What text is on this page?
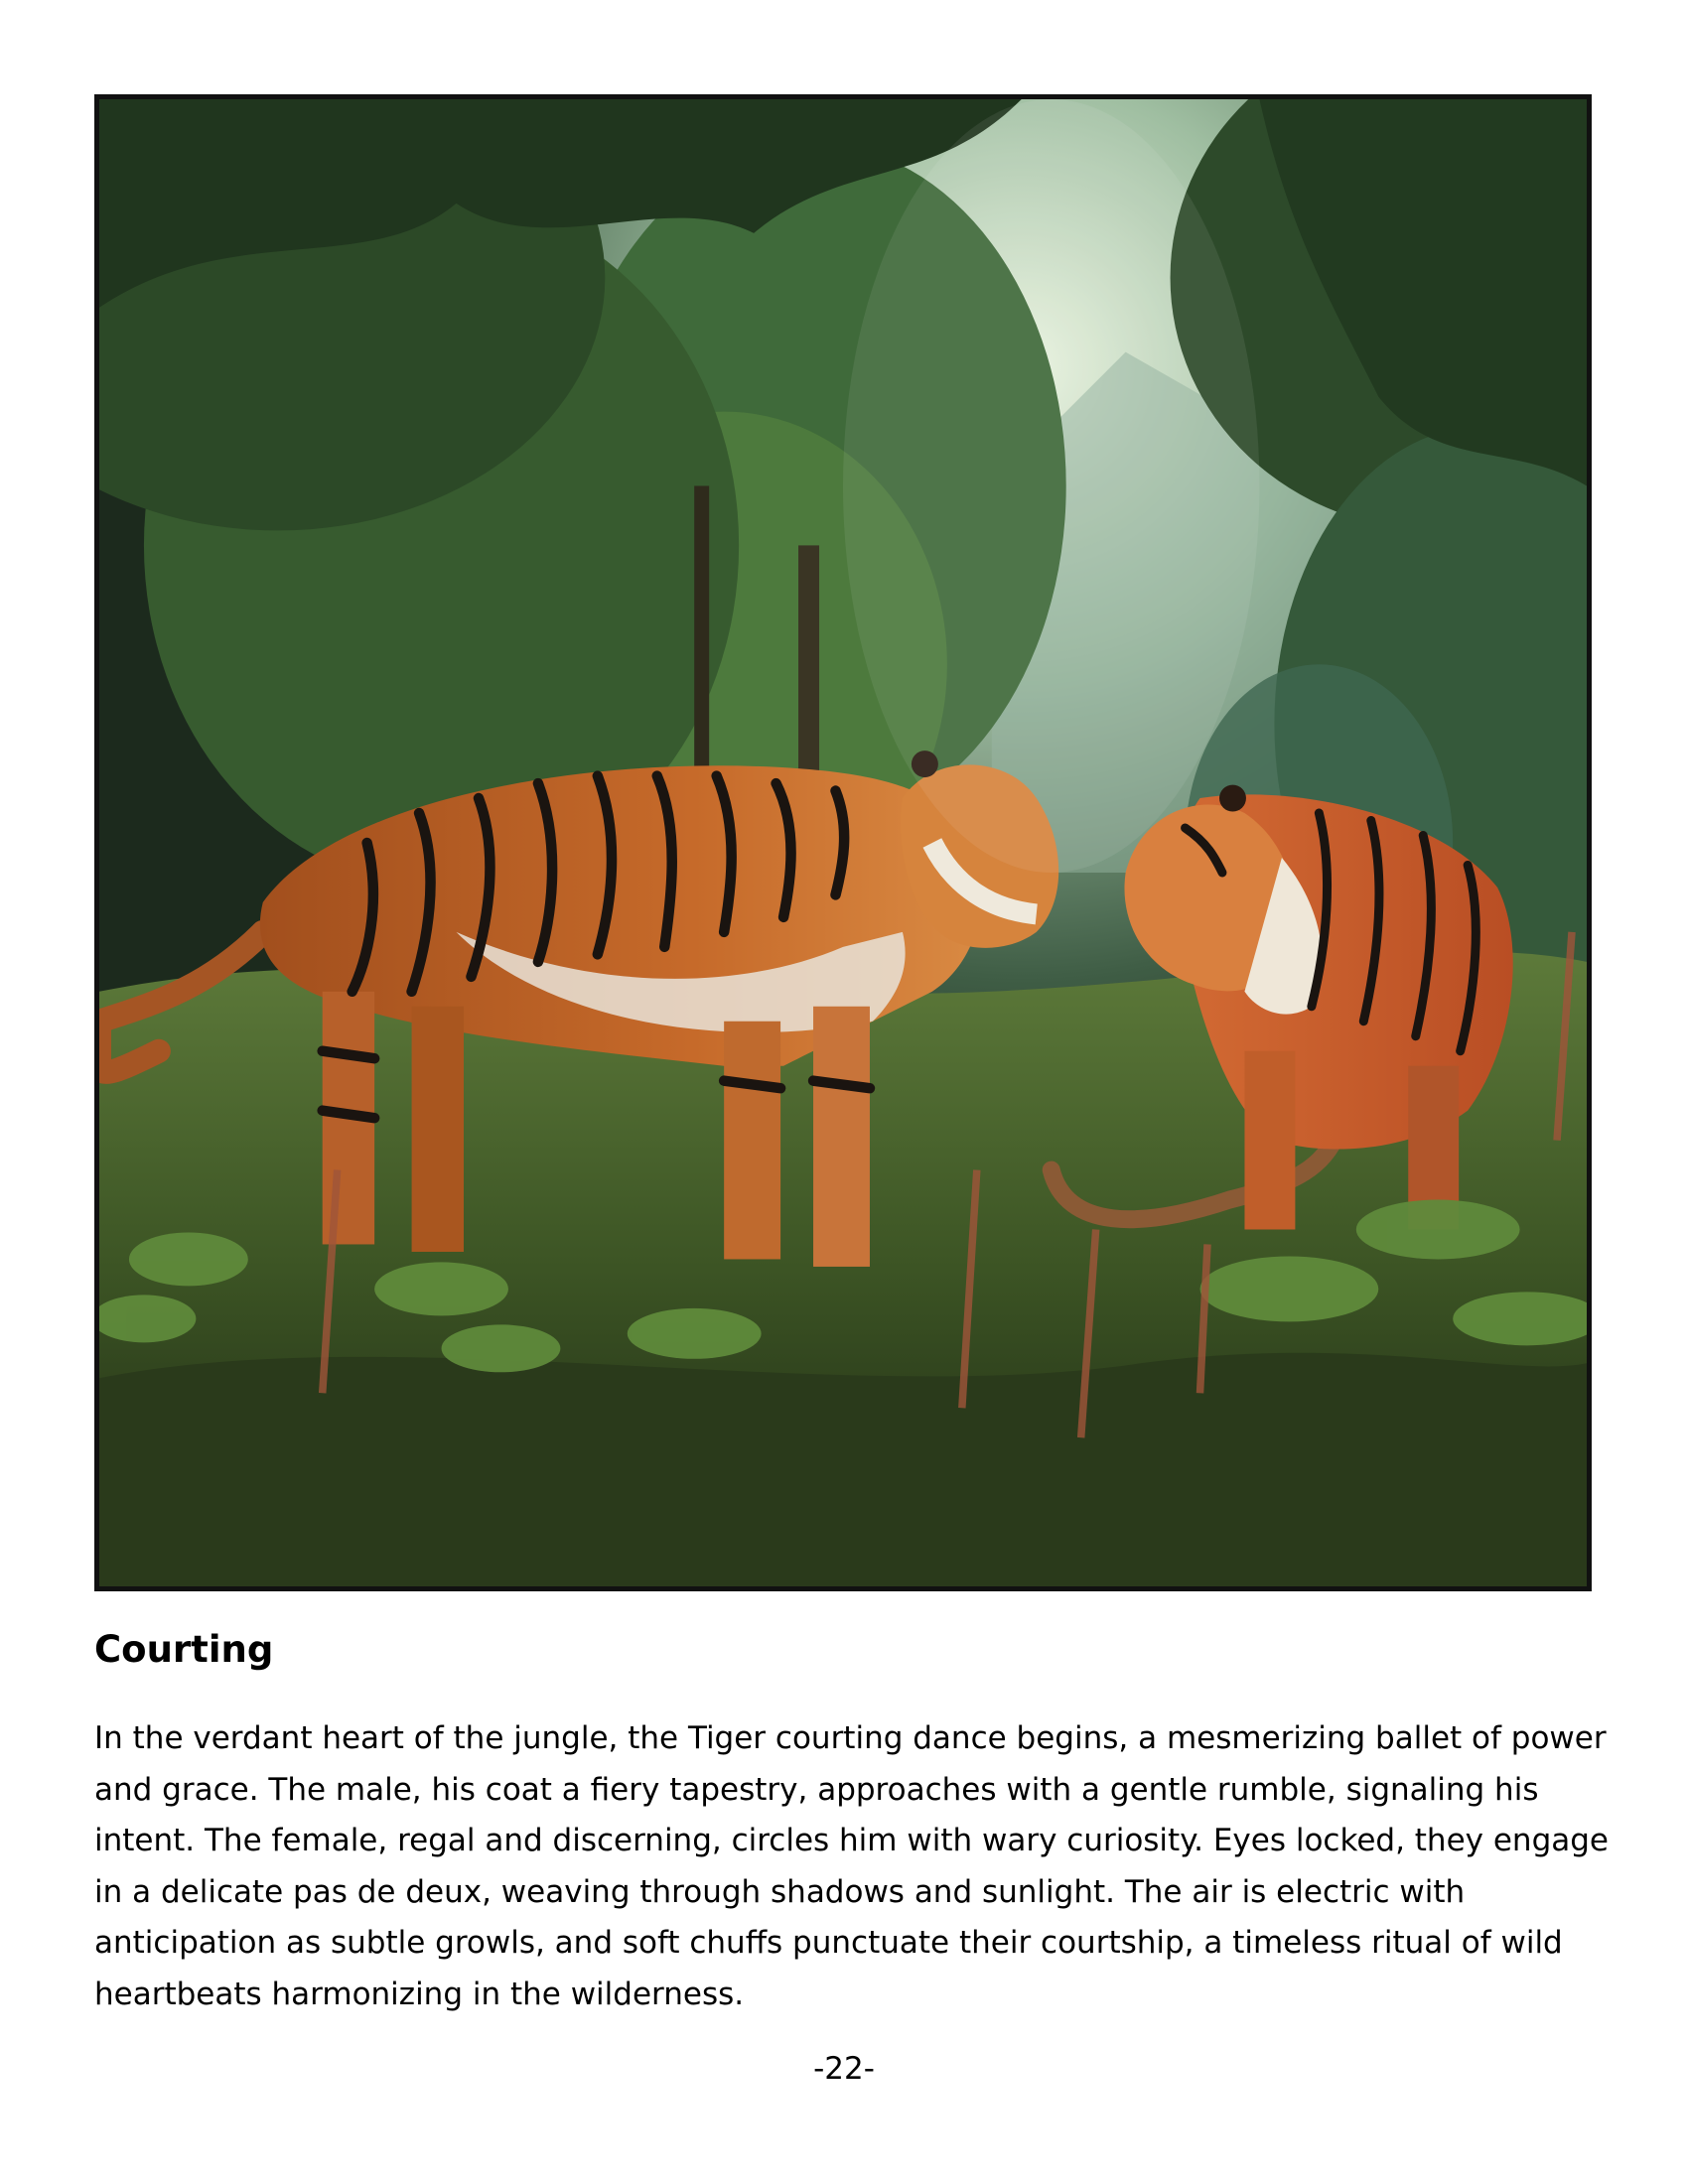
Courting

In the verdant heart of the jungle, the Tiger courting dance begins, a mesmerizing ballet of power and grace. The male, his coat a fiery tapestry, approaches with a gentle rumble, signaling his intent. The female, regal and discerning, circles him with wary curiosity. Eyes locked, they engage in a delicate pas de deux, weaving through shadows and sunlight. The air is electric with anticipation as subtle growls, and soft chuffs punctuate their courtship, a timeless ritual of wild heartbeats harmonizing in the wilderness.

-22-
